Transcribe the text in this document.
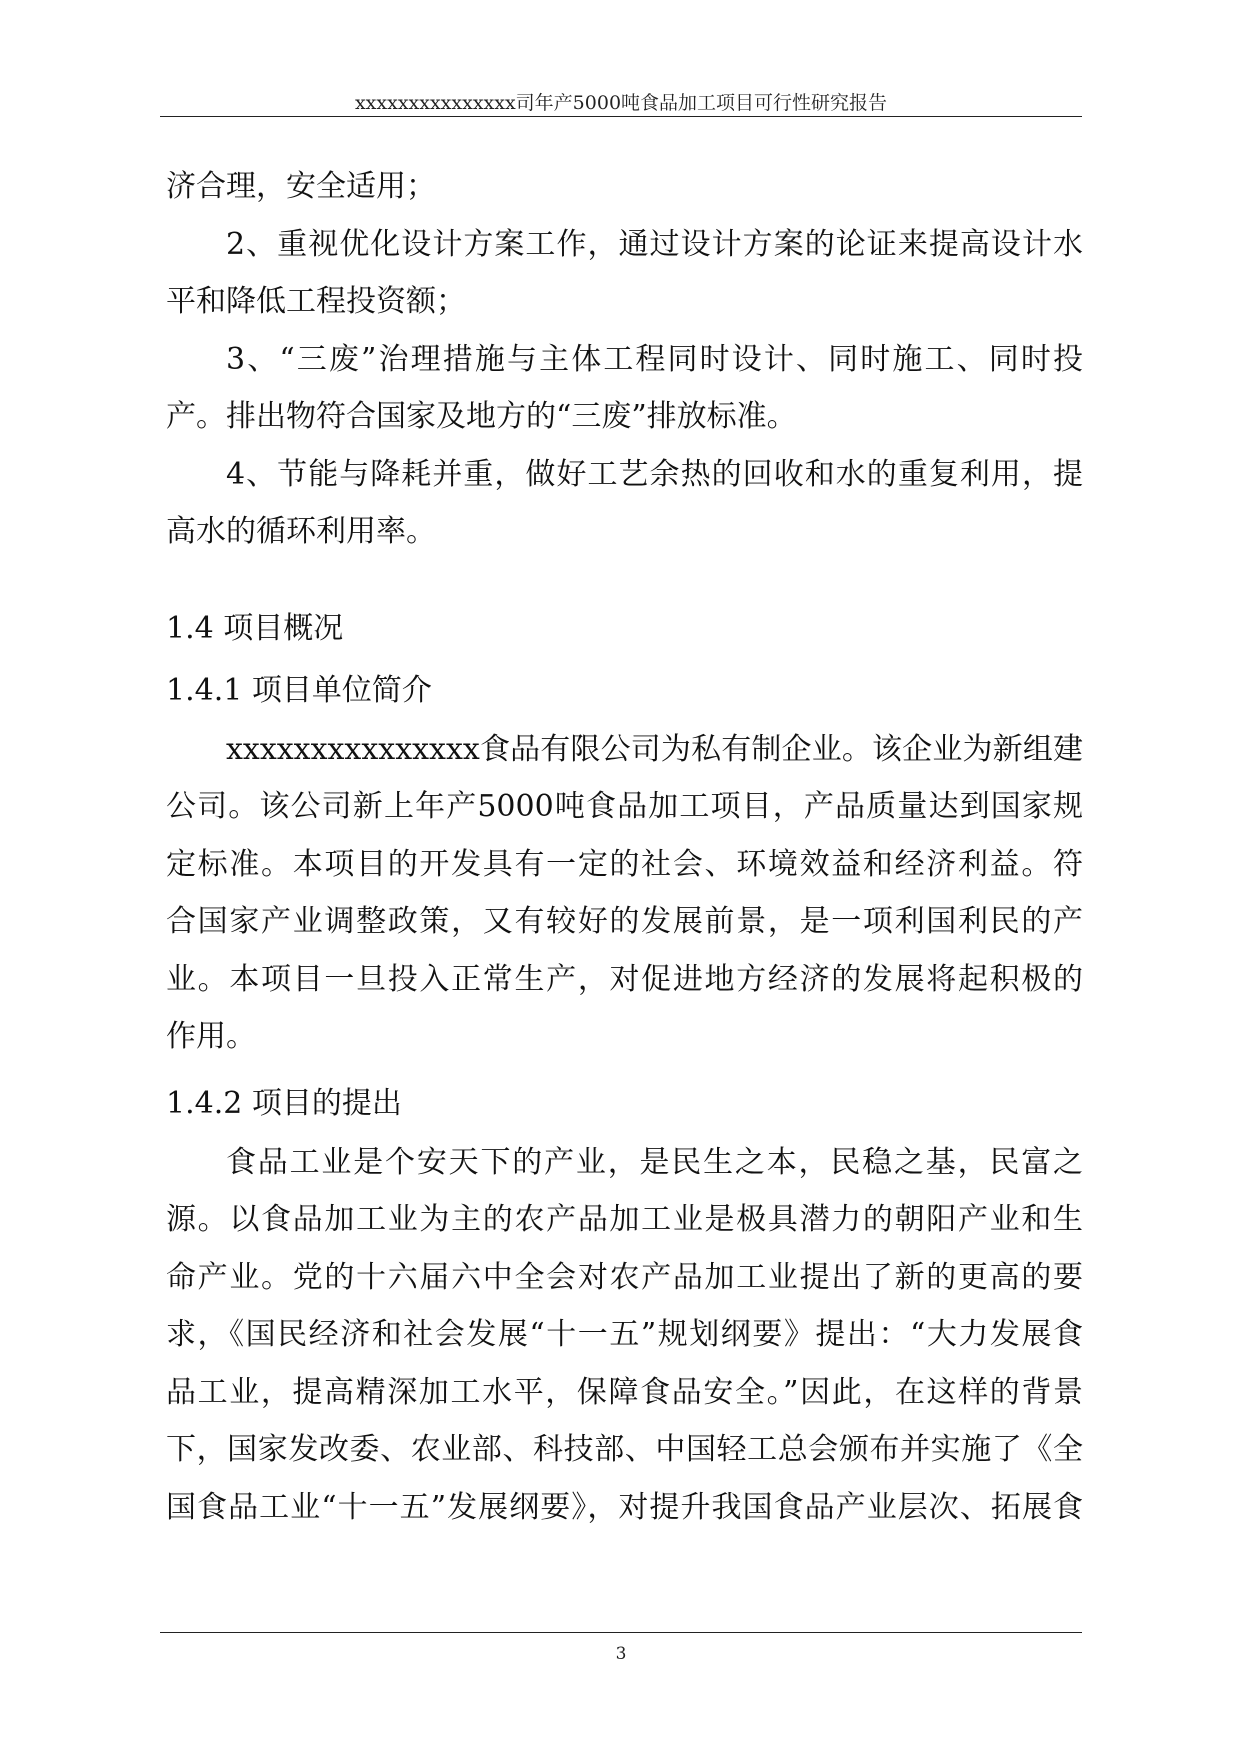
xxxxxxxxxxxxxxx司年产5000吨食品加工项目可行性研究报告
济合理，安全适用；
2、重视优化设计方案工作，通过设计方案的论证来提高设计水
平和降低工程投资额；
3、“三废”治理措施与主体工程同时设计、同时施工、同时投
产。排出物符合国家及地方的“三废”排放标准。
4、节能与降耗并重，做好工艺余热的回收和水的重复利用，提
高水的循环利用率。
1.4 项目概况
1.4.1 项目单位简介
xxxxxxxxxxxxxxx食品有限公司为私有制企业。该企业为新组建
公司。该公司新上年产5000吨食品加工项目，产品质量达到国家规
定标准。本项目的开发具有一定的社会、环境效益和经济利益。符
合国家产业调整政策，又有较好的发展前景，是一项利国利民的产
业。本项目一旦投入正常生产，对促进地方经济的发展将起积极的
作用。
1.4.2 项目的提出
食品工业是个安天下的产业，是民生之本，民稳之基，民富之
源。以食品加工业为主的农产品加工业是极具潜力的朝阳产业和生
命产业。党的十六届六中全会对农产品加工业提出了新的更高的要
求，《国民经济和社会发展“十一五”规划纲要》提出：“大力发展食
品工业，提高精深加工水平，保障食品安全。”因此，在这样的背景
下，国家发改委、农业部、科技部、中国轻工总会颁布并实施了《全
国食品工业“十一五”发展纲要》，对提升我国食品产业层次、拓展食
3
